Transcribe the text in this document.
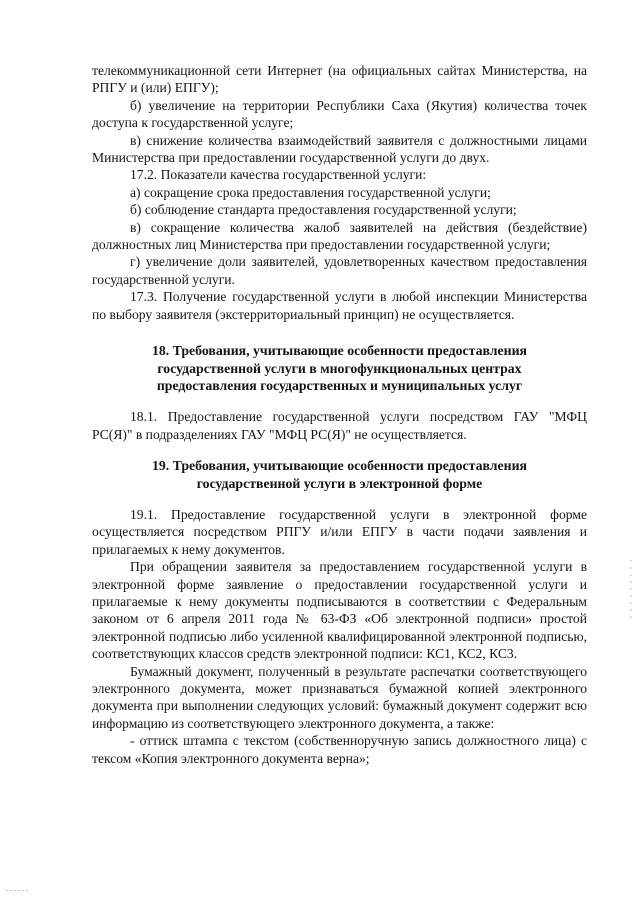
телекоммуникационной сети Интернет (на официальных сайтах Министерства, на РПГУ и (или) ЕПГУ);

б) увеличение на территории Республики Саха (Якутия) количества точек доступа к государственной услуге;

в) снижение количества взаимодействий заявителя с должностными лицами Министерства при предоставлении государственной услуги до двух.

17.2. Показатели качества государственной услуги:

а) сокращение срока предоставления государственной услуги;

б) соблюдение стандарта предоставления государственной услуги;

в) сокращение количества жалоб заявителей на действия (бездействие) должностных лиц Министерства при предоставлении государственной услуги;

г) увеличение доли заявителей, удовлетворенных качеством предоставления государственной услуги.

17.3. Получение государственной услуги в любой инспекции Министерства по выбору заявителя (экстерриториальный принцип) не осуществляется.

18. Требования, учитывающие особенности предоставления

государственной услуги в многофункциональных центрах

предоставления государственных и муниципальных услуг

18.1. Предоставление государственной услуги посредством ГАУ "МФЦ РС(Я)" в подразделениях ГАУ "МФЦ РС(Я)" не осуществляется.

19. Требования, учитывающие особенности предоставления

государственной услуги в электронной форме

19.1. Предоставление государственной услуги в электронной форме осуществляется посредством РПГУ и/или ЕПГУ в части подачи заявления и прилагаемых к нему документов.

При обращении заявителя за предоставлением государственной услуги в электронной форме заявление о предоставлении государственной услуги и прилагаемые к нему документы подписываются в соответствии с Федеральным законом от 6 апреля 2011 года № 63-ФЗ «Об электронной подписи» простой электронной подписью либо усиленной квалифицированной электронной подписью, соответствующих классов средств электронной подписи: КС1, КС2, КС3.

Бумажный документ, полученный в результате распечатки соответствующего электронного документа, может признаваться бумажной копией электронного документа при выполнении следующих условий: бумажный документ содержит всю информацию из соответствующего электронного документа, а также:

- оттиск штампа с текстом (собственноручную запись должностного лица) с тексом «Копия электронного документа верна»;
